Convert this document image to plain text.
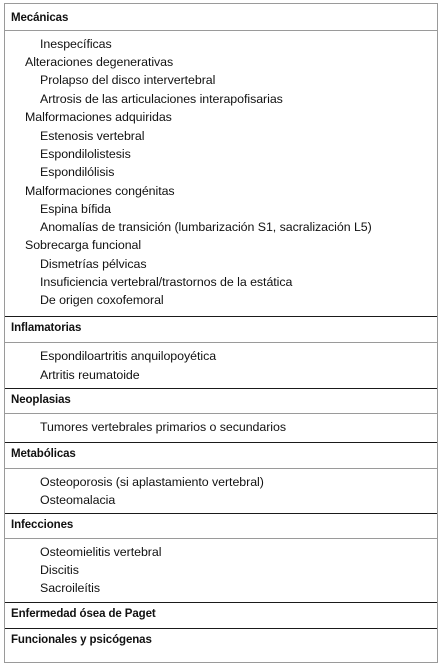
Mecánicas
Inespecíficas
Alteraciones degenerativas
Prolapso del disco intervertebral
Artrosis de las articulaciones interapofisarias
Malformaciones adquiridas
Estenosis vertebral
Espondilolistesis
Espondilólisis
Malformaciones congénitas
Espina bífida
Anomalías de transición (lumbarización S1, sacralización L5)
Sobrecarga funcional
Dismetrías pélvicas
Insuficiencia vertebral/trastornos de la estática
De origen coxofemoral
Inflamatorias
Espondiloartritis anquilopoyética
Artritis reumatoide
Neoplasias
Tumores vertebrales primarios o secundarios
Metabólicas
Osteoporosis (si aplastamiento vertebral)
Osteomalacia
Infecciones
Osteomielitis vertebral
Discitis
Sacroileítis
Enfermedad ósea de Paget
Funcionales y psicógenas
